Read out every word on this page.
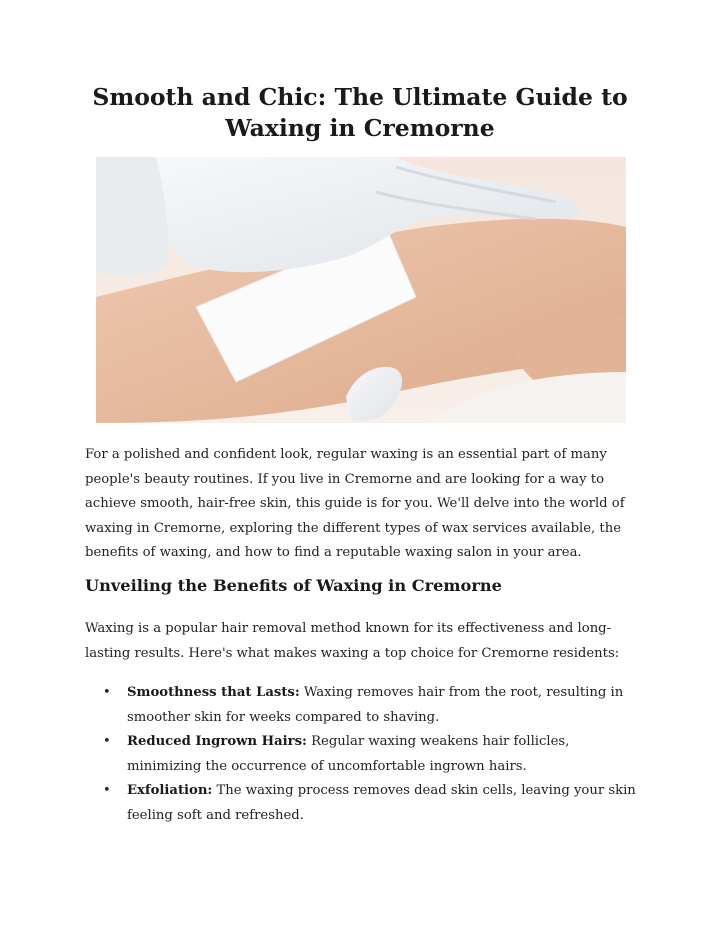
Smooth and Chic: The Ultimate Guide to Waxing in Cremorne

For a polished and confident look, regular waxing is an essential part of many people's beauty routines. If you live in Cremorne and are looking for a way to achieve smooth, hair-free skin, this guide is for you. We'll delve into the world of waxing in Cremorne, exploring the different types of wax services available, the benefits of waxing, and how to find a reputable waxing salon in your area.

Unveiling the Benefits of Waxing in Cremorne

Waxing is a popular hair removal method known for its effectiveness and long-lasting results. Here's what makes waxing a top choice for Cremorne residents:

• Smoothness that Lasts: Waxing removes hair from the root, resulting in smoother skin for weeks compared to shaving.
• Reduced Ingrown Hairs: Regular waxing weakens hair follicles, minimizing the occurrence of uncomfortable ingrown hairs.
• Exfoliation: The waxing process removes dead skin cells, leaving your skin feeling soft and refreshed.
